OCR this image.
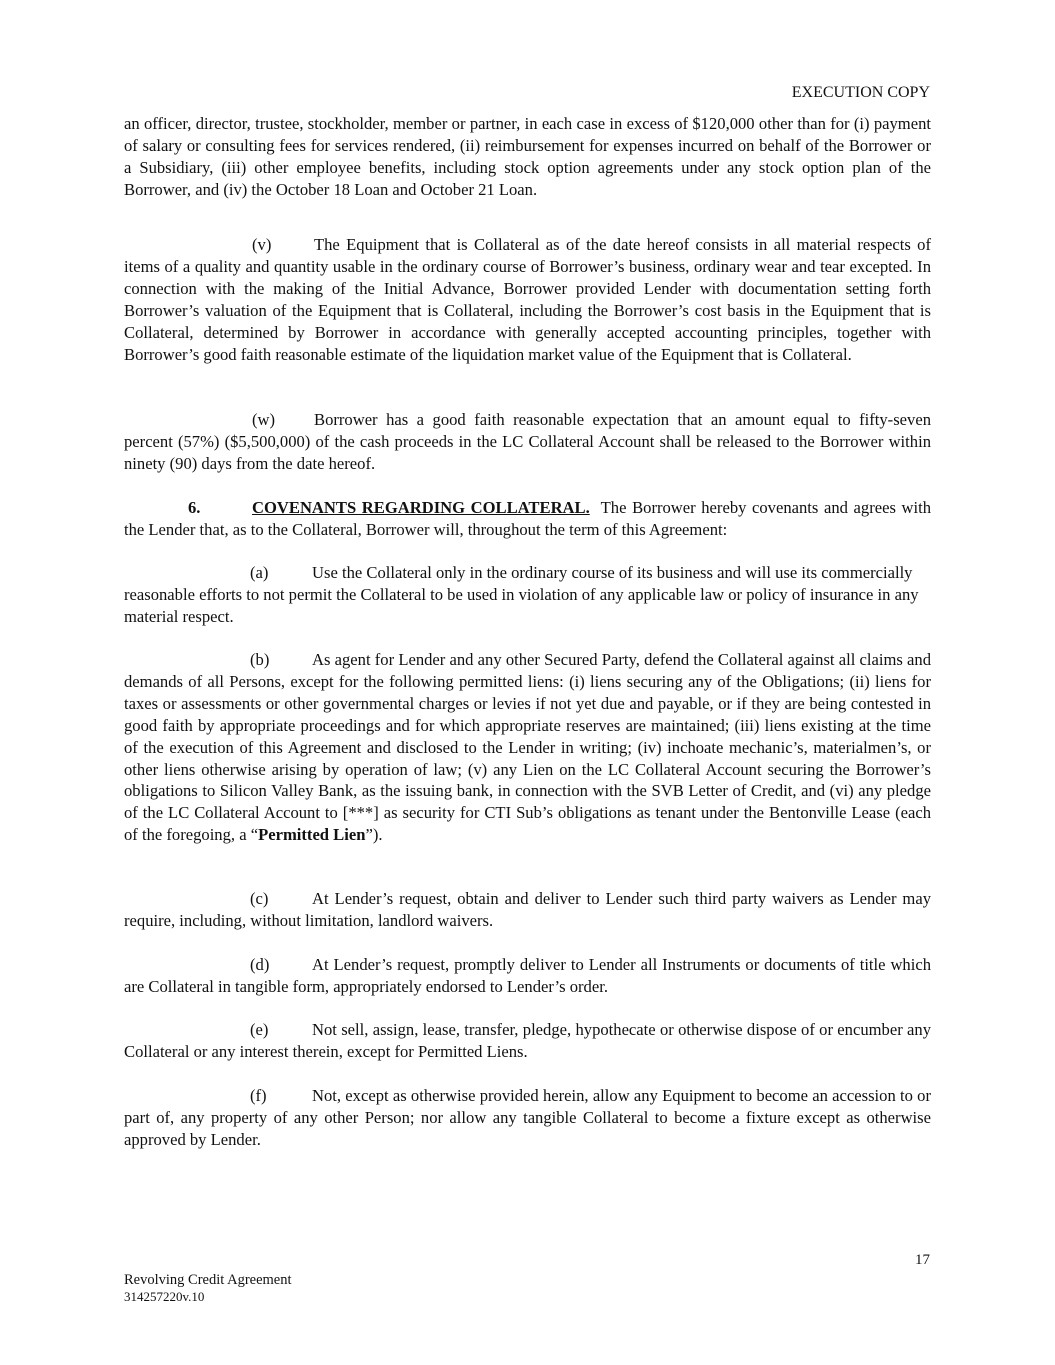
EXECUTION COPY

an officer, director, trustee, stockholder, member or partner, in each case in excess of $120,000 other than for (i) payment of salary or consulting fees for services rendered, (ii) reimbursement for expenses incurred on behalf of the Borrower or a Subsidiary, (iii) other employee benefits, including stock option agreements under any stock option plan of the Borrower, and (iv) the October 18 Loan and October 21 Loan.

(v)	The Equipment that is Collateral as of the date hereof consists in all material respects of items of a quality and quantity usable in the ordinary course of Borrower’s business, ordinary wear and tear excepted. In connection with the making of the Initial Advance, Borrower provided Lender with documentation setting forth Borrower’s valuation of the Equipment that is Collateral, including the Borrower’s cost basis in the Equipment that is Collateral, determined by Borrower in accordance with generally accepted accounting principles, together with Borrower’s good faith reasonable estimate of the liquidation market value of the Equipment that is Collateral.

(w) Borrower has a good faith reasonable expectation that an amount equal to fifty-seven percent (57%) ($5,500,000) of the cash proceeds in the LC Collateral Account shall be released to the Borrower within ninety (90) days from the date hereof.

6.	COVENANTS REGARDING COLLATERAL. The Borrower hereby covenants and agrees with the Lender that, as to the Collateral, Borrower will, throughout the term of this Agreement:

(a)	Use the Collateral only in the ordinary course of its business and will use its commercially reasonable efforts to not permit the Collateral to be used in violation of any applicable law or policy of insurance in any material respect.

(b)	As agent for Lender and any other Secured Party, defend the Collateral against all claims and demands of all Persons, except for the following permitted liens: (i) liens securing any of the Obligations; (ii) liens for taxes or assessments or other governmental charges or levies if not yet due and payable, or if they are being contested in good faith by appropriate proceedings and for which appropriate reserves are maintained; (iii) liens existing at the time of the execution of this Agreement and disclosed to the Lender in writing; (iv) inchoate mechanic’s, materialmen’s, or other liens otherwise arising by operation of law; (v) any Lien on the LC Collateral Account securing the Borrower’s obligations to Silicon Valley Bank, as the issuing bank, in connection with the SVB Letter of Credit, and (vi) any pledge of the LC Collateral Account to [***] as security for CTI Sub’s obligations as tenant under the Bentonville Lease (each of the foregoing, a “Permitted Lien”).

(c)	At Lender’s request, obtain and deliver to Lender such third party waivers as Lender may require, including, without limitation, landlord waivers.

(d)	At Lender’s request, promptly deliver to Lender all Instruments or documents of title which are Collateral in tangible form, appropriately endorsed to Lender’s order.

(e)	Not sell, assign, lease, transfer, pledge, hypothecate or otherwise dispose of or encumber any Collateral or any interest therein, except for Permitted Liens.

(f)	Not, except as otherwise provided herein, allow any Equipment to become an accession to or part of, any property of any other Person; nor allow any tangible Collateral to become a fixture except as otherwise approved by Lender.

17
Revolving Credit Agreement
314257220v.10
